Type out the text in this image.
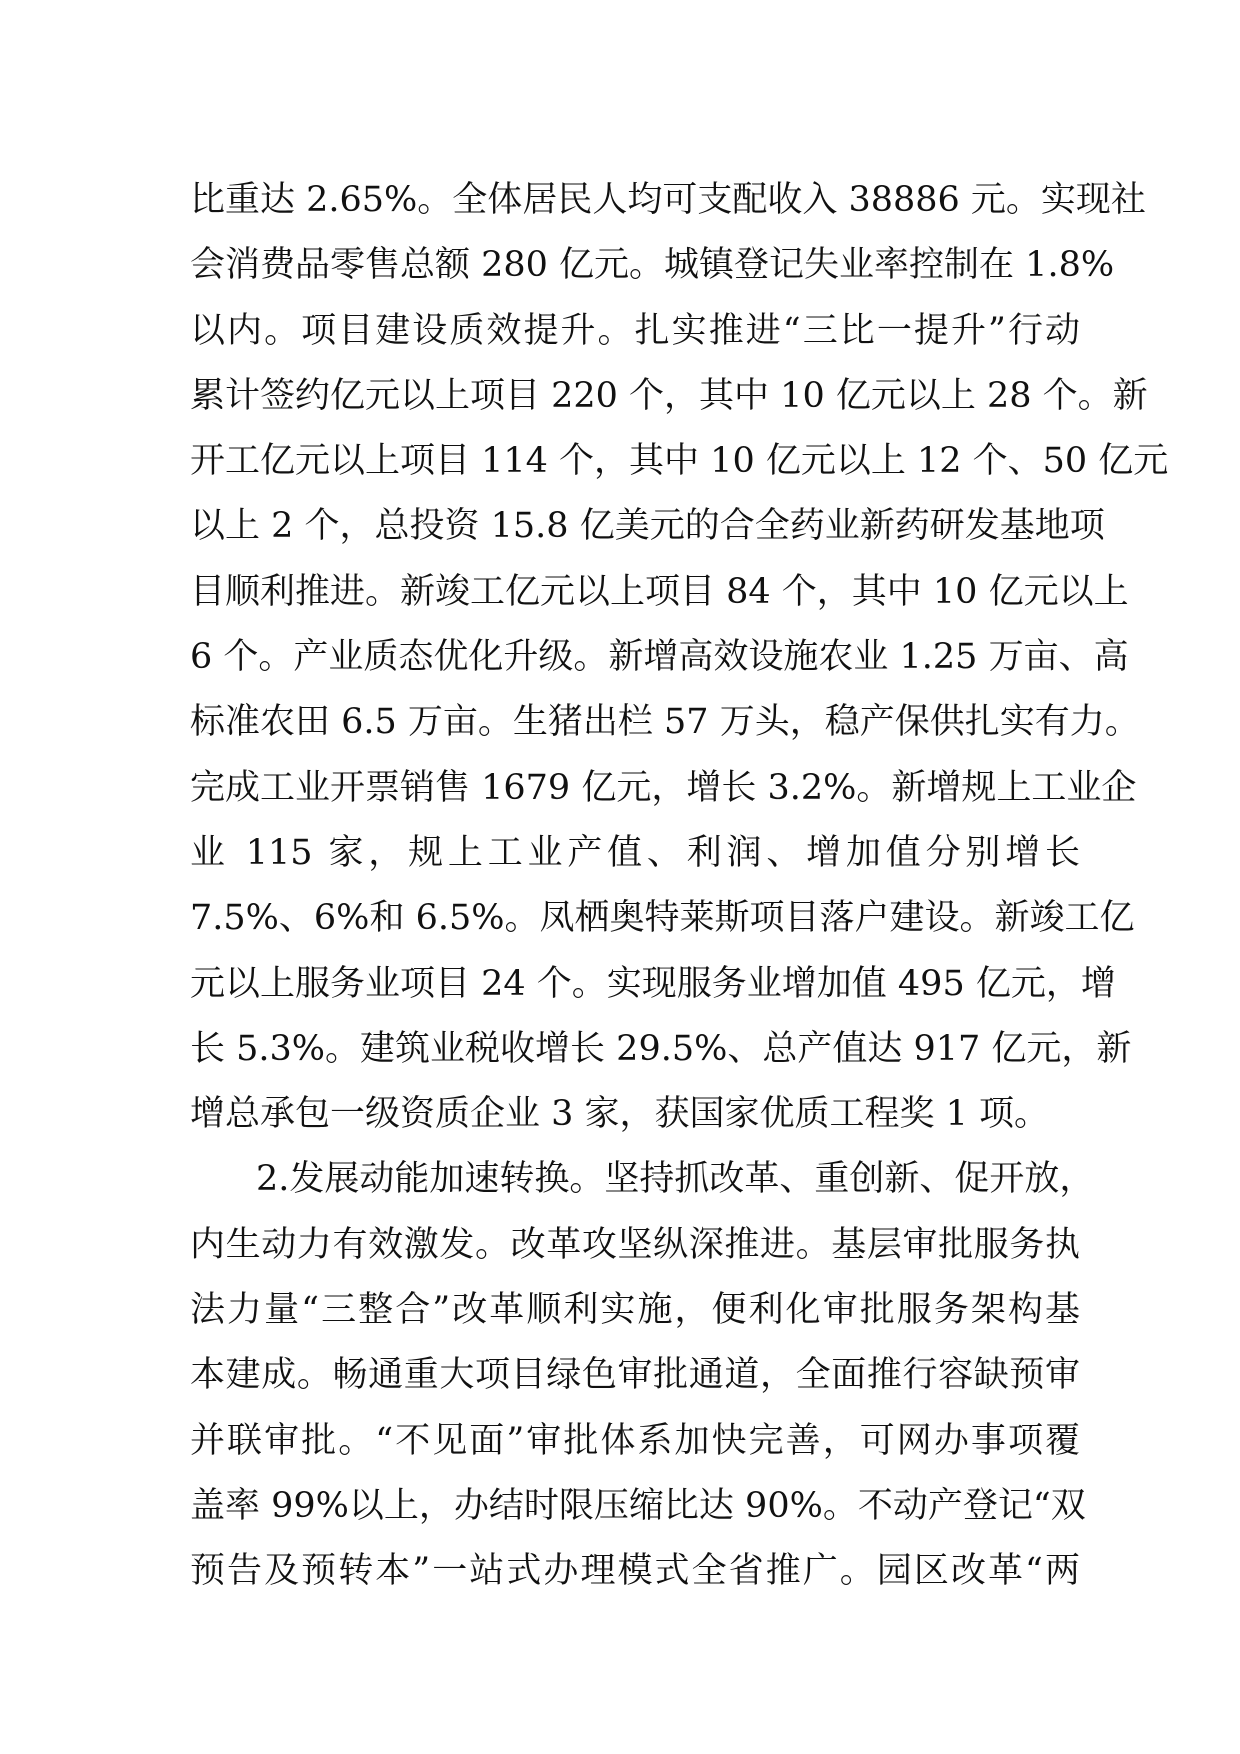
比重达 2.65%。全体居民人均可支配收入 38886 元。实现社
会消费品零售总额 280 亿元。城镇登记失业率控制在 1.8%
以内。项目建设质效提升。扎实推进“三比一提升”行动
累计签约亿元以上项目 220 个，其中 10 亿元以上 28 个。新
开工亿元以上项目 114 个，其中 10 亿元以上 12 个、50 亿元
以上 2 个，总投资 15.8 亿美元的合全药业新药研发基地项
目顺利推进。新竣工亿元以上项目 84 个，其中 10 亿元以上
6 个。产业质态优化升级。新增高效设施农业 1.25 万亩、高
标准农田 6.5 万亩。生猪出栏 57 万头，稳产保供扎实有力。
完成工业开票销售 1679 亿元，增长 3.2%。新增规上工业企
业 115 家，规上工业产值、利润、增加值分别增长
7.5%、6%和 6.5%。凤栖奥特莱斯项目落户建设。新竣工亿
元以上服务业项目 24 个。实现服务业增加值 495 亿元，增
长 5.3%。建筑业税收增长 29.5%、总产值达 917 亿元，新
增总承包一级资质企业 3 家，获国家优质工程奖 1 项。
2.发展动能加速转换。坚持抓改革、重创新、促开放，
内生动力有效激发。改革攻坚纵深推进。基层审批服务执
法力量“三整合”改革顺利实施，便利化审批服务架构基
本建成。畅通重大项目绿色审批通道，全面推行容缺预审
并联审批。“不见面”审批体系加快完善，可网办事项覆
盖率 99%以上，办结时限压缩比达 90%。不动产登记“双
预告及预转本”一站式办理模式全省推广。园区改革“两
